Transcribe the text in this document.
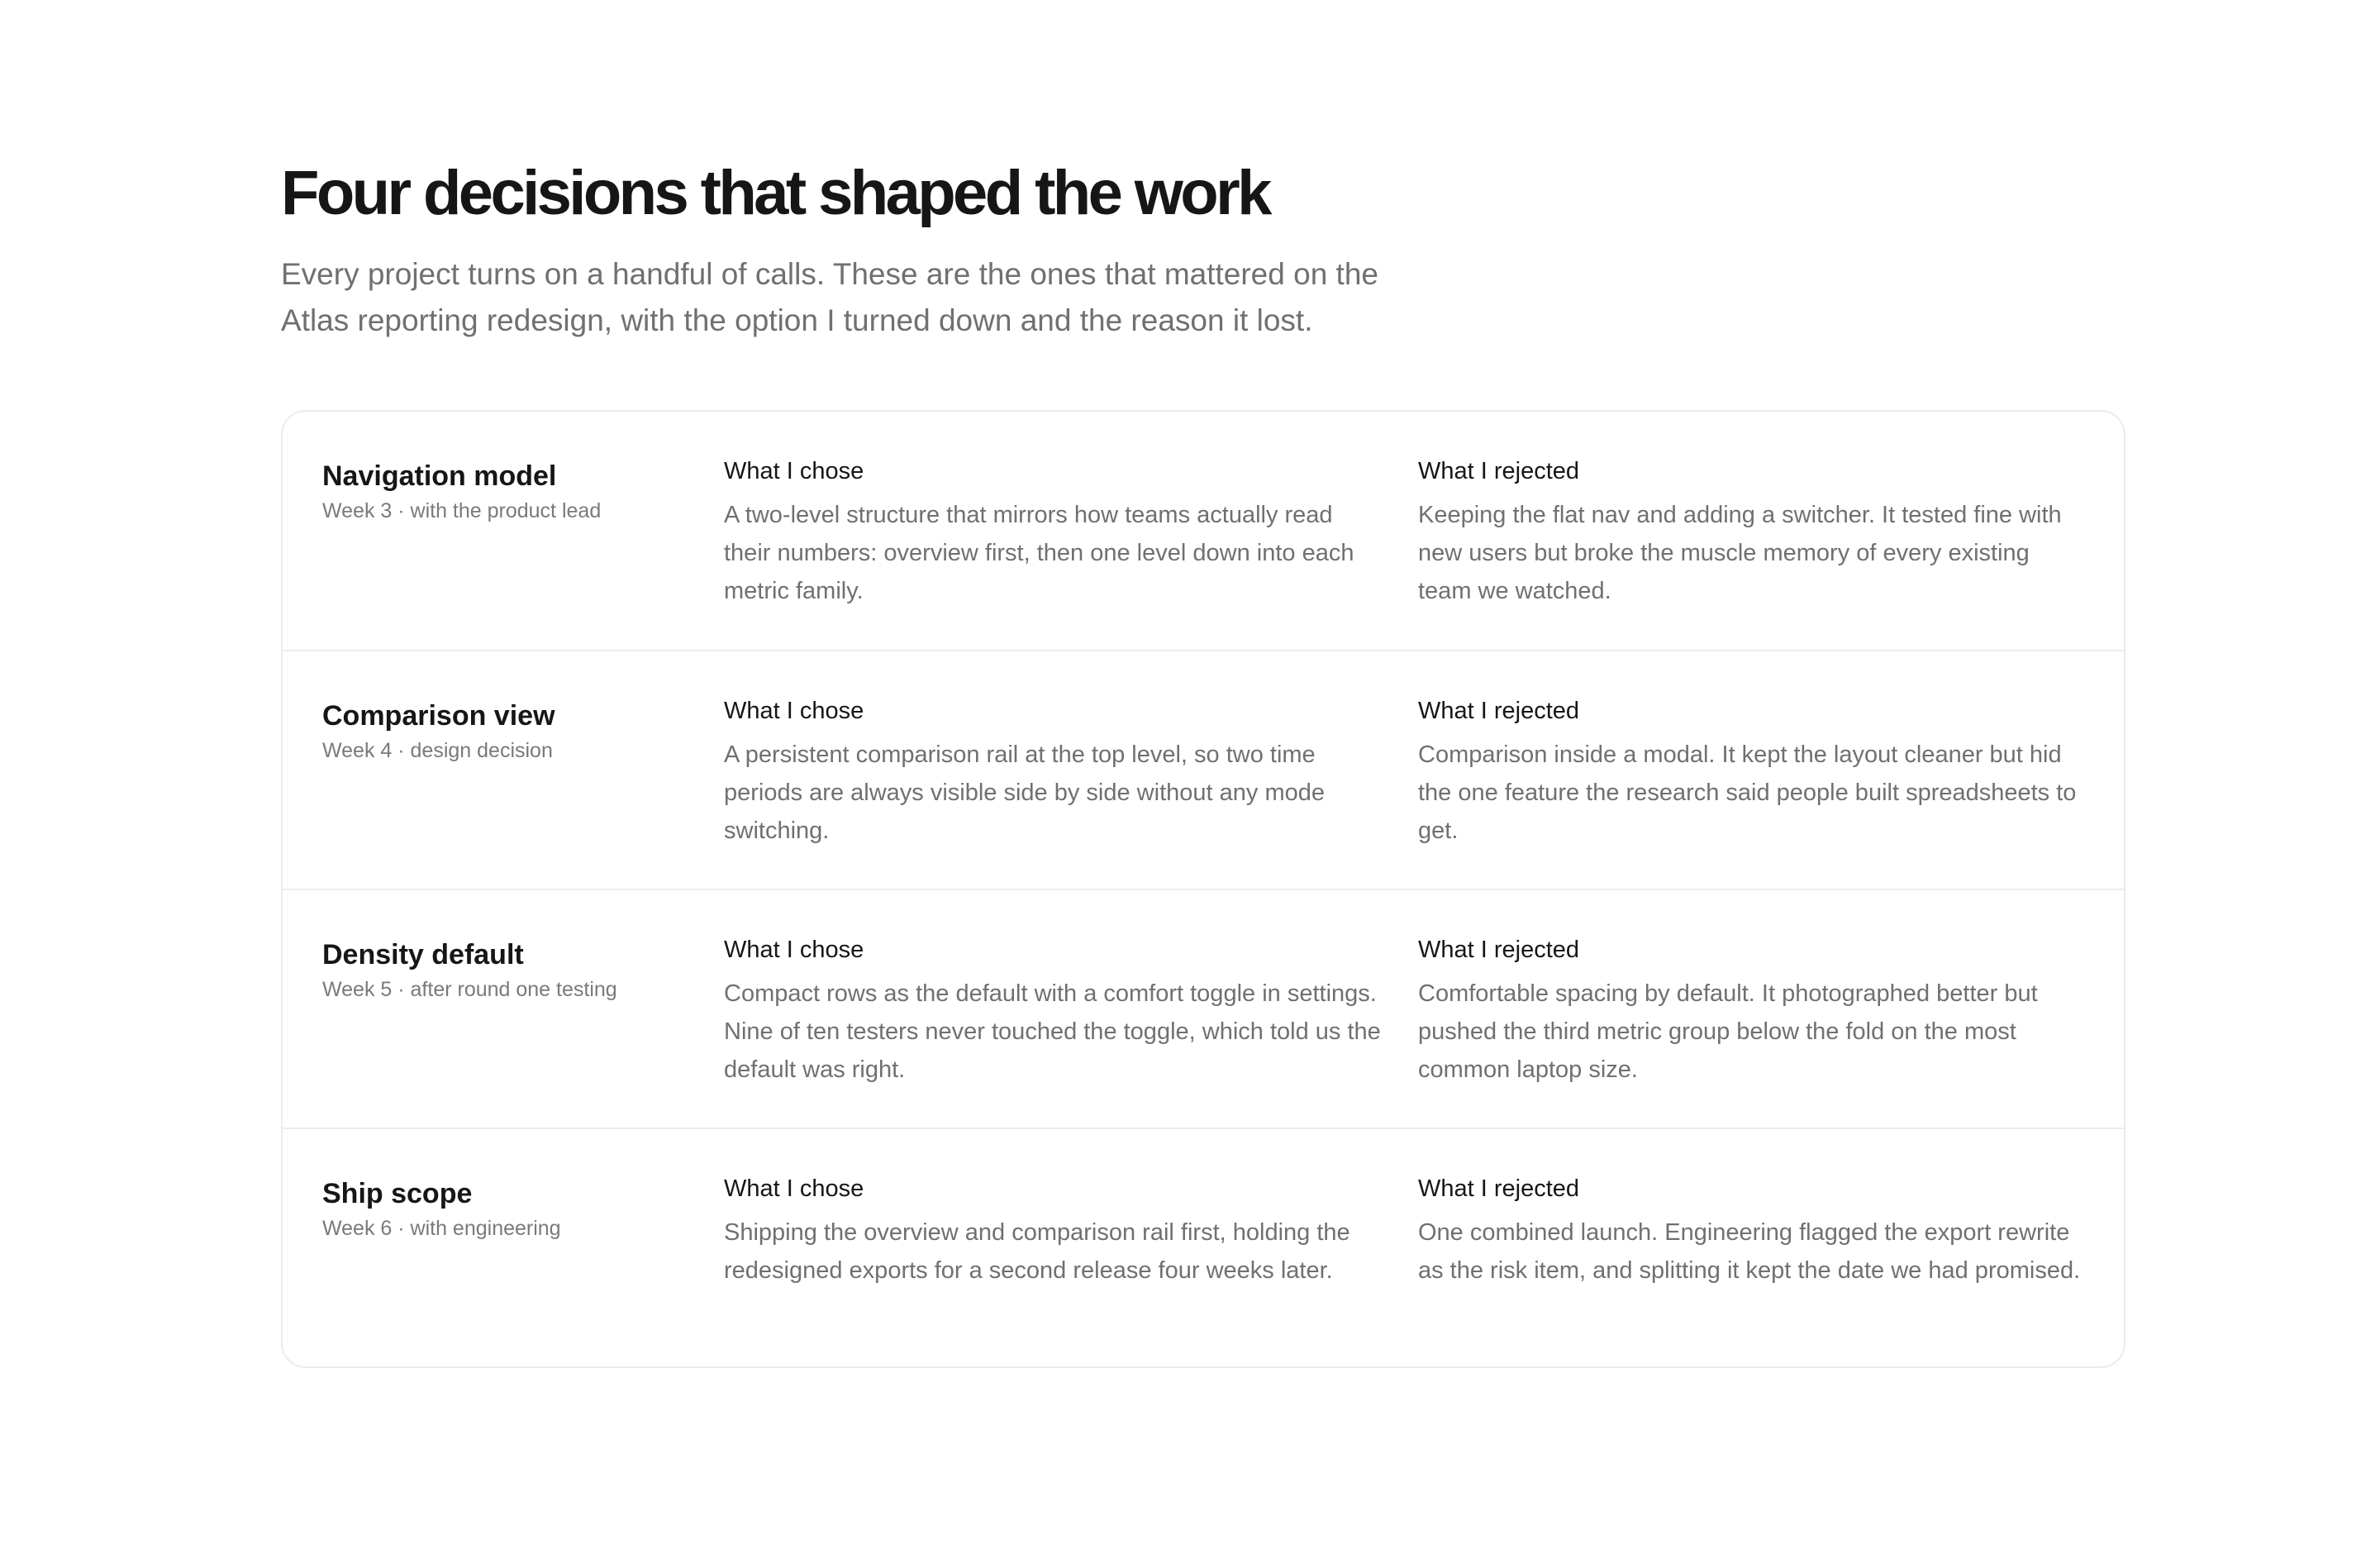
Four decisions that shaped the work

Every project turns on a handful of calls. These are the ones that mattered on the Atlas reporting redesign, with the option I turned down and the reason it lost.

Navigation model
Week 3 · with the product lead
What I chose
A two-level structure that mirrors how teams actually read their numbers: overview first, then one level down into each metric family.
What I rejected
Keeping the flat nav and adding a switcher. It tested fine with new users but broke the muscle memory of every existing team we watched.
Comparison view
Week 4 · design decision
What I chose
A persistent comparison rail at the top level, so two time periods are always visible side by side without any mode switching.
What I rejected
Comparison inside a modal. It kept the layout cleaner but hid the one feature the research said people built spreadsheets to get.
Density default
Week 5 · after round one testing
What I chose
Compact rows as the default with a comfort toggle in settings. Nine of ten testers never touched the toggle, which told us the default was right.
What I rejected
Comfortable spacing by default. It photographed better but pushed the third metric group below the fold on the most common laptop size.
Ship scope
Week 6 · with engineering
What I chose
Shipping the overview and comparison rail first, holding the redesigned exports for a second release four weeks later.
What I rejected
One combined launch. Engineering flagged the export rewrite as the risk item, and splitting it kept the date we had promised.
